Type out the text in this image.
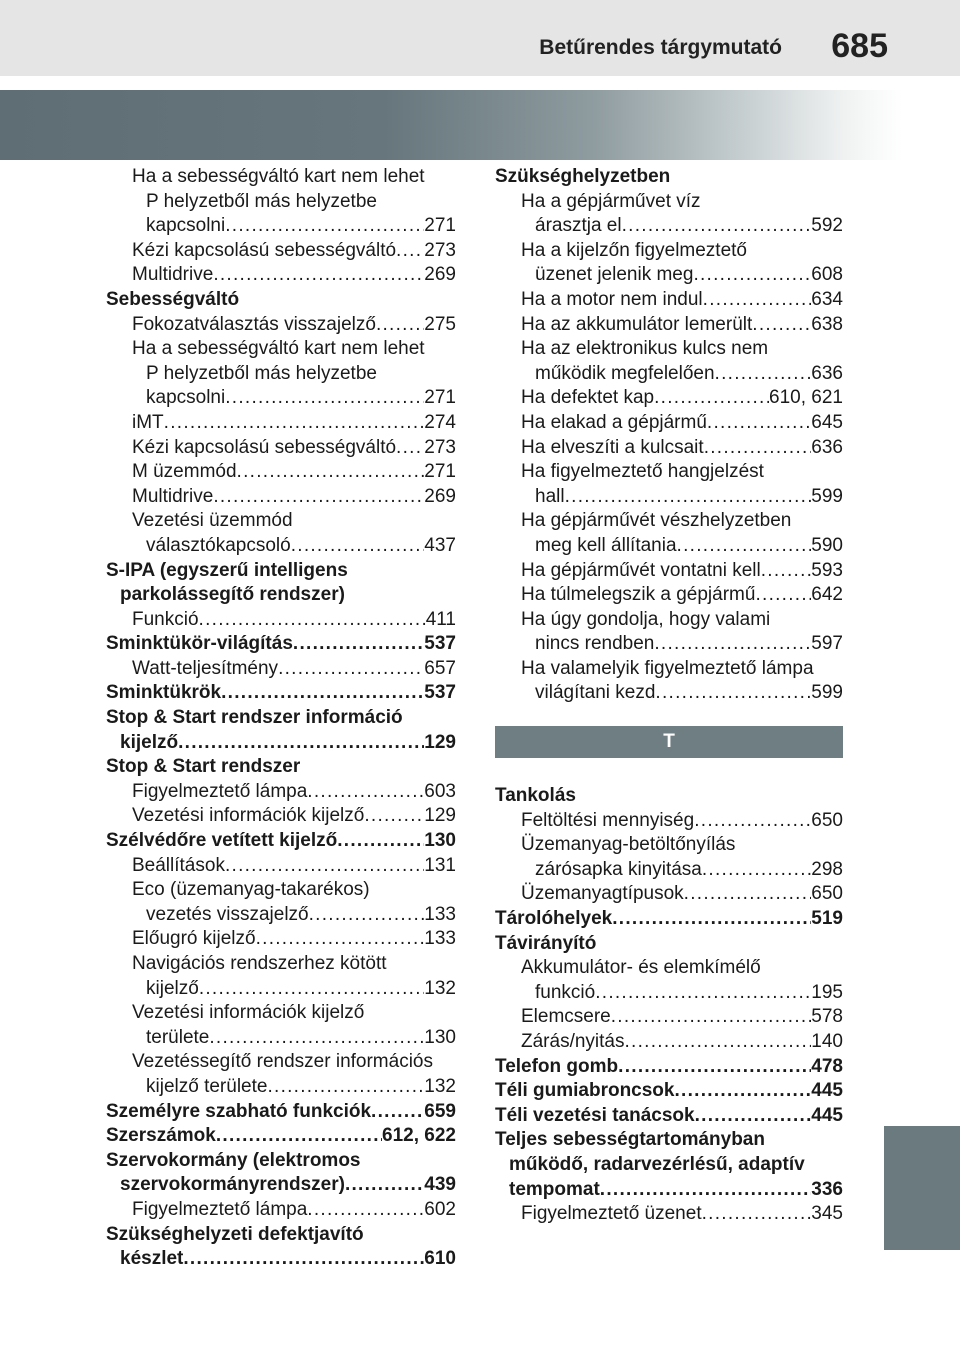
Betűrendes tárgymutató 685
Ha a sebességváltó kart nem lehet
P helyzetből más helyzetbe
kapcsolni . . .	271
Kézi kapcsolású sebességváltó . . . 273
Multidrive . . .	269
Sebességváltó
Fokozatválasztás visszajelző . . .	275
Ha a sebességváltó kart nem lehet
P helyzetből más helyzetbe
kapcsolni . . .	271
iMT . . .	274
Kézi kapcsolású sebességváltó . . . 273
M üzemmód . . .	271
Multidrive . . .	269
Vezetési üzemmód
választókapcsoló . . .	437
S-IPA (egyszerű intelligens
parkolássegítő rendszer)
Funkció . . .	411
Sminktükör-világítás . . .	537
Watt-teljesítmény . . .	657
Sminktükrök . . .	537
Stop & Start rendszer információ
kijelző . . .	129
Stop & Start rendszer
Figyelmeztető lámpa . . .	603
Vezetési információk kijelző . . .	129
Szélvédőre vetített kijelző . . .	130
Beállítások . . .	131
Eco (üzemanyag-takarékos)
vezetés visszajelző . . .	133
Előugró kijelző . . .	133
Navigációs rendszerhez kötött
kijelző . . .	132
Vezetési információk kijelző
területe . . .	130
Vezetéssegítő rendszer információs
kijelző területe . . .	132
Személyre szabható funkciók . . .	659
Szerszámok . . .	612, 622
Szervokormány (elektromos
szervokormányrendszer) . . .	439
Figyelmeztető lámpa . . .	602
Szükséghelyzeti defektjavító
készlet . . .	610
Szükséghelyzetben
Ha a gépjárművet víz
árasztja el . . .	592
Ha a kijelzőn figyelmeztető
üzenet jelenik meg . . .	608
Ha a motor nem indul . . .	634
Ha az akkumulátor lemerült . . .	638
Ha az elektronikus kulcs nem
működik megfelelően . . .	636
Ha defektet kap . . .	610, 621
Ha elakad a gépjármű . . .	645
Ha elveszíti a kulcsait . . .	636
Ha figyelmeztető hangjelzést
hall . . .	599
Ha gépjárművét vészhelyzetben
meg kell állítania . . .	590
Ha gépjárművét vontatni kell . . .	593
Ha túlmelegszik a gépjármű . . .	642
Ha úgy gondolja, hogy valami
nincs rendben . . .	597
Ha valamelyik figyelmeztető lámpa
világítani kezd . . .	599
T
Tankolás
Feltöltési mennyiség . . .	650
Üzemanyag-betöltőnyílás
zárósapka kinyitása . . .	298
Üzemanyagtípusok . . .	650
Tárolóhelyek . . .	519
Távirányító
Akkumulátor- és elemkímélő
funkció . . .	195
Elemcsere . . .	578
Zárás/nyitás . . .	140
Telefon gomb . . .	478
Téli gumiabroncsok . . .	445
Téli vezetési tanácsok . . .	445
Teljes sebességtartományban
működő, radarvezérlésű, adaptív
tempomat . . .	336
Figyelmeztető üzenet . . .	345
